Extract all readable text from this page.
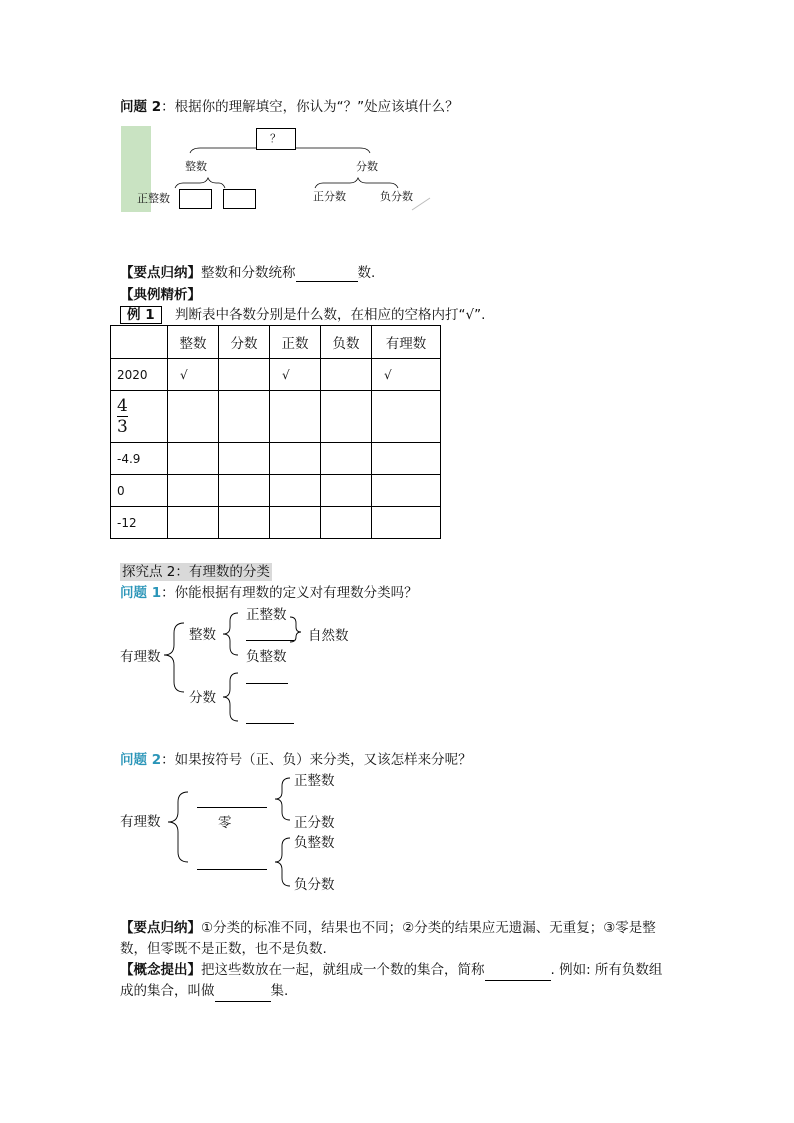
问题 2：根据你的理解填空，你认为“？”处应该填什么？
？
整数	分数
正整数	正分数	负分数
【要点归纳】整数和分数统称	数.
【典例精析】
例 1	判断表中各数分别是什么数，在相应的空格内打“√”.
	整数	分数	正数	负数	有理数
2020	√		√		√
$\frac{4}{3}$					
-4.9					
0					
-12					
探究点 2：有理数的分类
问题 1：你能根据有理数的定义对有理数分类吗？
有理数
整数
分数
正整数
自然数
负整数
问题 2：如果按符号（正、负）来分类，又该怎样来分呢？
有理数	零
正整数
正分数
负整数
负分数
【要点归纳】①分类的标准不同，结果也不同；②分类的结果应无遗漏、无重复；③零是整
数，但零既不是正数，也不是负数.
【概念提出】把这些数放在一起，就组成一个数的集合，简称	. 例如: 所有负数组
成的集合，叫做	集.
